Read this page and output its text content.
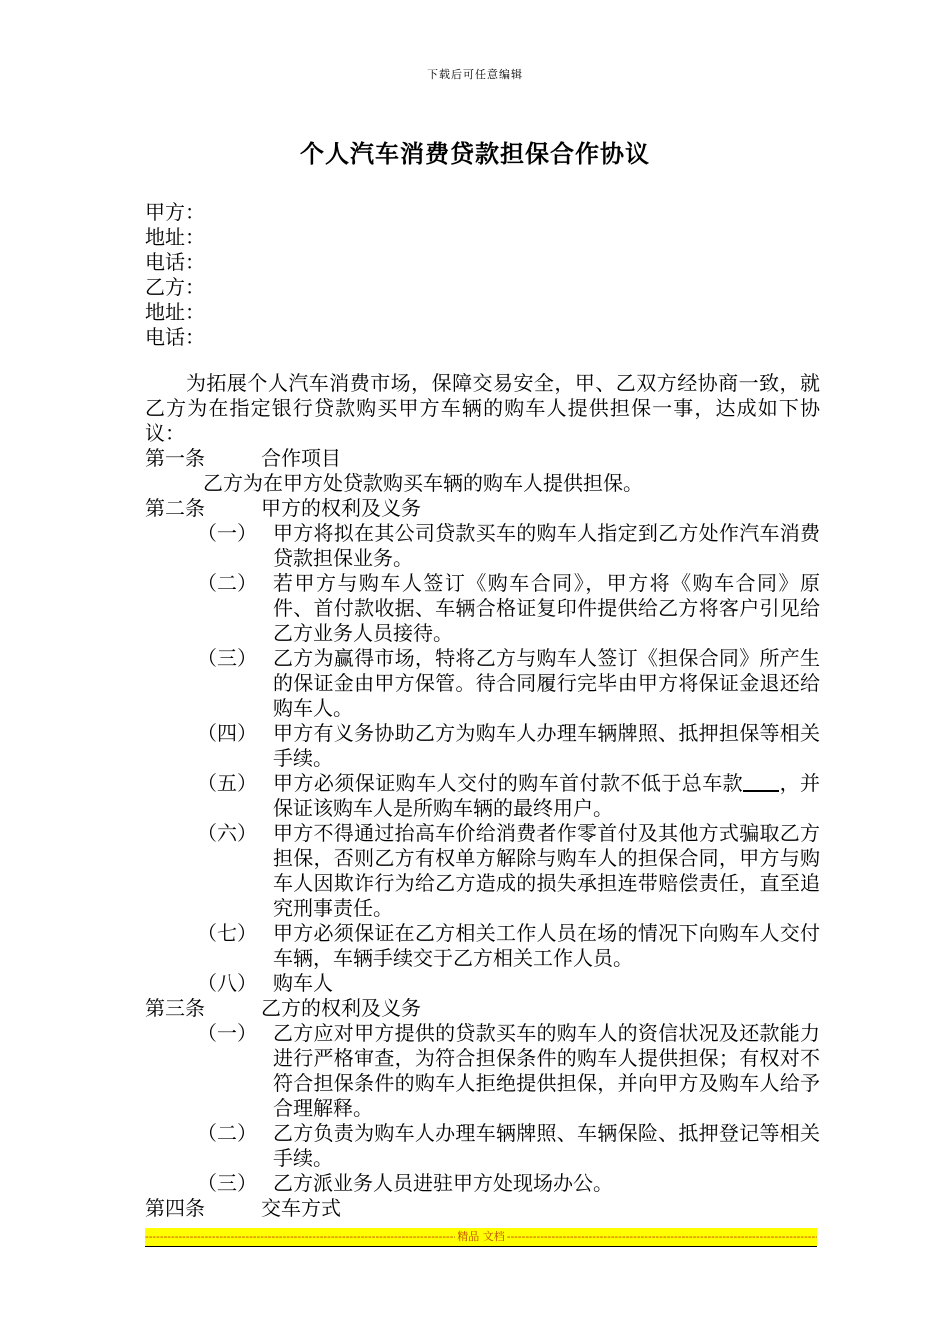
下载后可任意编辑
个人汽车消费贷款担保合作协议
甲方：
地址：
电话：
乙方：
地址：
电话：

为拓展个人汽车消费市场，保障交易安全，甲、乙双方经协商一致，就乙方为在指定银行贷款购买甲方车辆的购车人提供担保一事，达成如下协议：

第一条	合作项目
乙方为在甲方处贷款购买车辆的购车人提供担保。
第二条	甲方的权利及义务
（一） 甲方将拟在其公司贷款买车的购车人指定到乙方处作汽车消费贷款担保业务。
（二） 若甲方与购车人签订《购车合同》，甲方将《购车合同》原件、首付款收据、车辆合格证复印件提供给乙方将客户引见给乙方业务人员接待。
（三） 乙方为赢得市场，特将乙方与购车人签订《担保合同》所产生的保证金由甲方保管。待合同履行完毕由甲方将保证金退还给购车人。
（四） 甲方有义务协助乙方为购车人办理车辆牌照、抵押担保等相关手续。
（五） 甲方必须保证购车人交付的购车首付款不低于总车款 ，并保证该购车人是所购车辆的最终用户。
（六） 甲方不得通过抬高车价给消费者作零首付及其他方式骗取乙方担保，否则乙方有权单方解除与购车人的担保合同，甲方与购车人因欺诈行为给乙方造成的损失承担连带赔偿责任，直至追究刑事责任。
（七） 甲方必须保证在乙方相关工作人员在场的情况下向购车人交付车辆，车辆手续交于乙方相关工作人员。
（八） 购车人
第三条	乙方的权利及义务
（一） 乙方应对甲方提供的贷款买车的购车人的资信状况及还款能力进行严格审查，为符合担保条件的购车人提供担保；有权对不符合担保条件的购车人拒绝提供担保，并向甲方及购车人给予合理解释。
（二） 乙方负责为购车人办理车辆牌照、车辆保险、抵押登记等相关手续。
（三） 乙方派业务人员进驻甲方处现场办公。
第四条	交车方式
-----
精品 文档
-----
